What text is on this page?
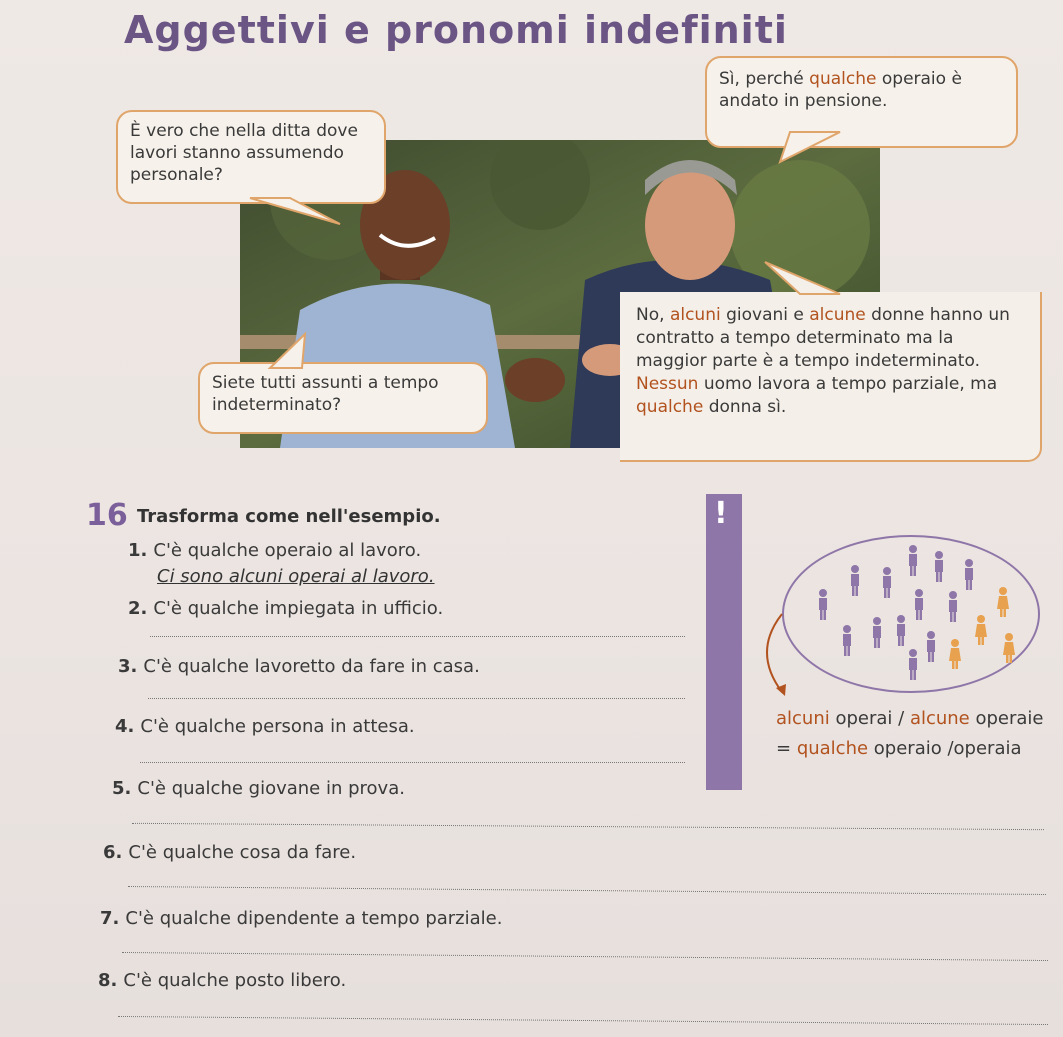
Aggettivi e pronomi indefiniti
Sì, perché qualche operaio è andato in pensione.
È vero che nella ditta dove lavori stanno assumendo personale?
Siete tutti assunti a tempo indeterminato?
No, alcuni giovani e alcune donne hanno un contratto a tempo determinato ma la maggior parte è a tempo indeterminato. Nessun uomo lavora a tempo parziale, ma qualche donna sì.
16 Trasforma come nell'esempio.
1. C'è qualche operaio al lavoro.
Ci sono alcuni operai al lavoro.
2. C'è qualche impiegata in ufficio.
3. C'è qualche lavoretto da fare in casa.
4. C'è qualche persona in attesa.
5. C'è qualche giovane in prova.
6. C'è qualche cosa da fare.
7. C'è qualche dipendente a tempo parziale.
8. C'è qualche posto libero.
!
alcuni operai / alcune operaie
= qualche operaio /operaia
